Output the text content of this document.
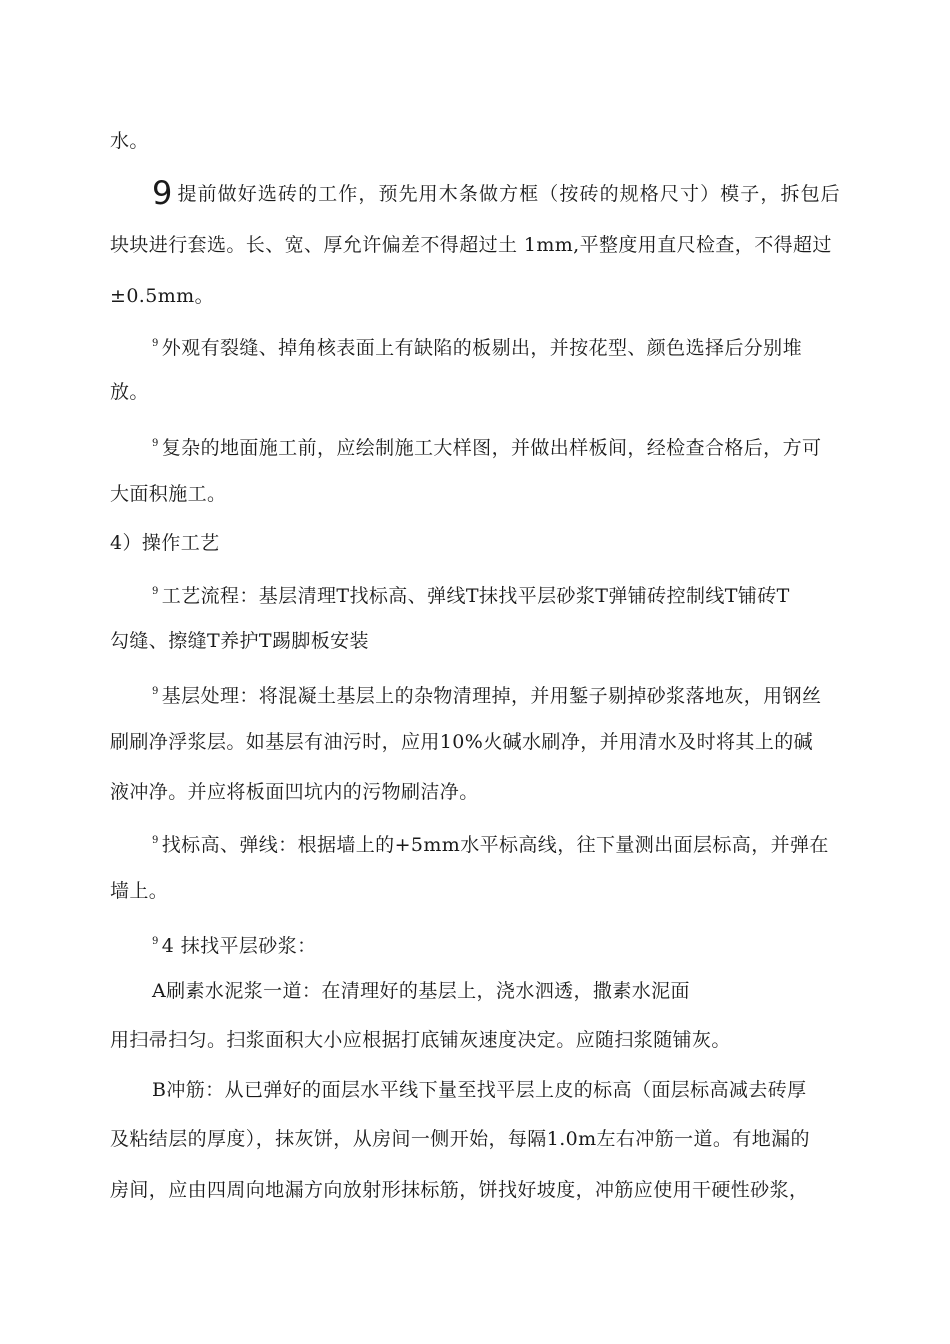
水。
9 提前做好选砖的工作，预先用木条做方框（按砖的规格尺寸）模子，拆包后
块块进行套选。长、宽、厚允许偏差不得超过土 1mm,平整度用直尺检查，不得超过
±0.5mm。
$^9$ 外观有裂缝、掉角核表面上有缺陷的板剔出，并按花型、颜色选择后分别堆
放。
$^9$ 复杂的地面施工前，应绘制施工大样图，并做出样板间，经检查合格后，方可
大面积施工。
4）操作工艺
$^9$ 工艺流程：基层清理T找标高、弹线T抹找平层砂浆T弹铺砖控制线T铺砖T
勾缝、擦缝T养护T踢脚板安装
$^9$ 基层处理：将混凝土基层上的杂物清理掉，并用錾子剔掉砂浆落地灰，用钢丝
刷刷净浮浆层。如基层有油污时，应用10%火碱水刷净，并用清水及时将其上的碱
液冲净。并应将板面凹坑内的污物刷洁净。
$^9$ 找标高、弹线：根据墙上的+5mm水平标高线，往下量测出面层标高，并弹在
墙上。
$^9$ 4 抹找平层砂浆：
A刷素水泥浆一道：在清理好的基层上，浇水泗透，撒素水泥面
用扫帚扫匀。扫浆面积大小应根据打底铺灰速度决定。应随扫浆随铺灰。
B冲筋：从已弹好的面层水平线下量至找平层上皮的标高（面层标高减去砖厚
及粘结层的厚度），抹灰饼，从房间一侧开始，每隔1.0m左右冲筋一道。有地漏的
房间，应由四周向地漏方向放射形抹标筋，饼找好坡度，冲筋应使用干硬性砂浆，
